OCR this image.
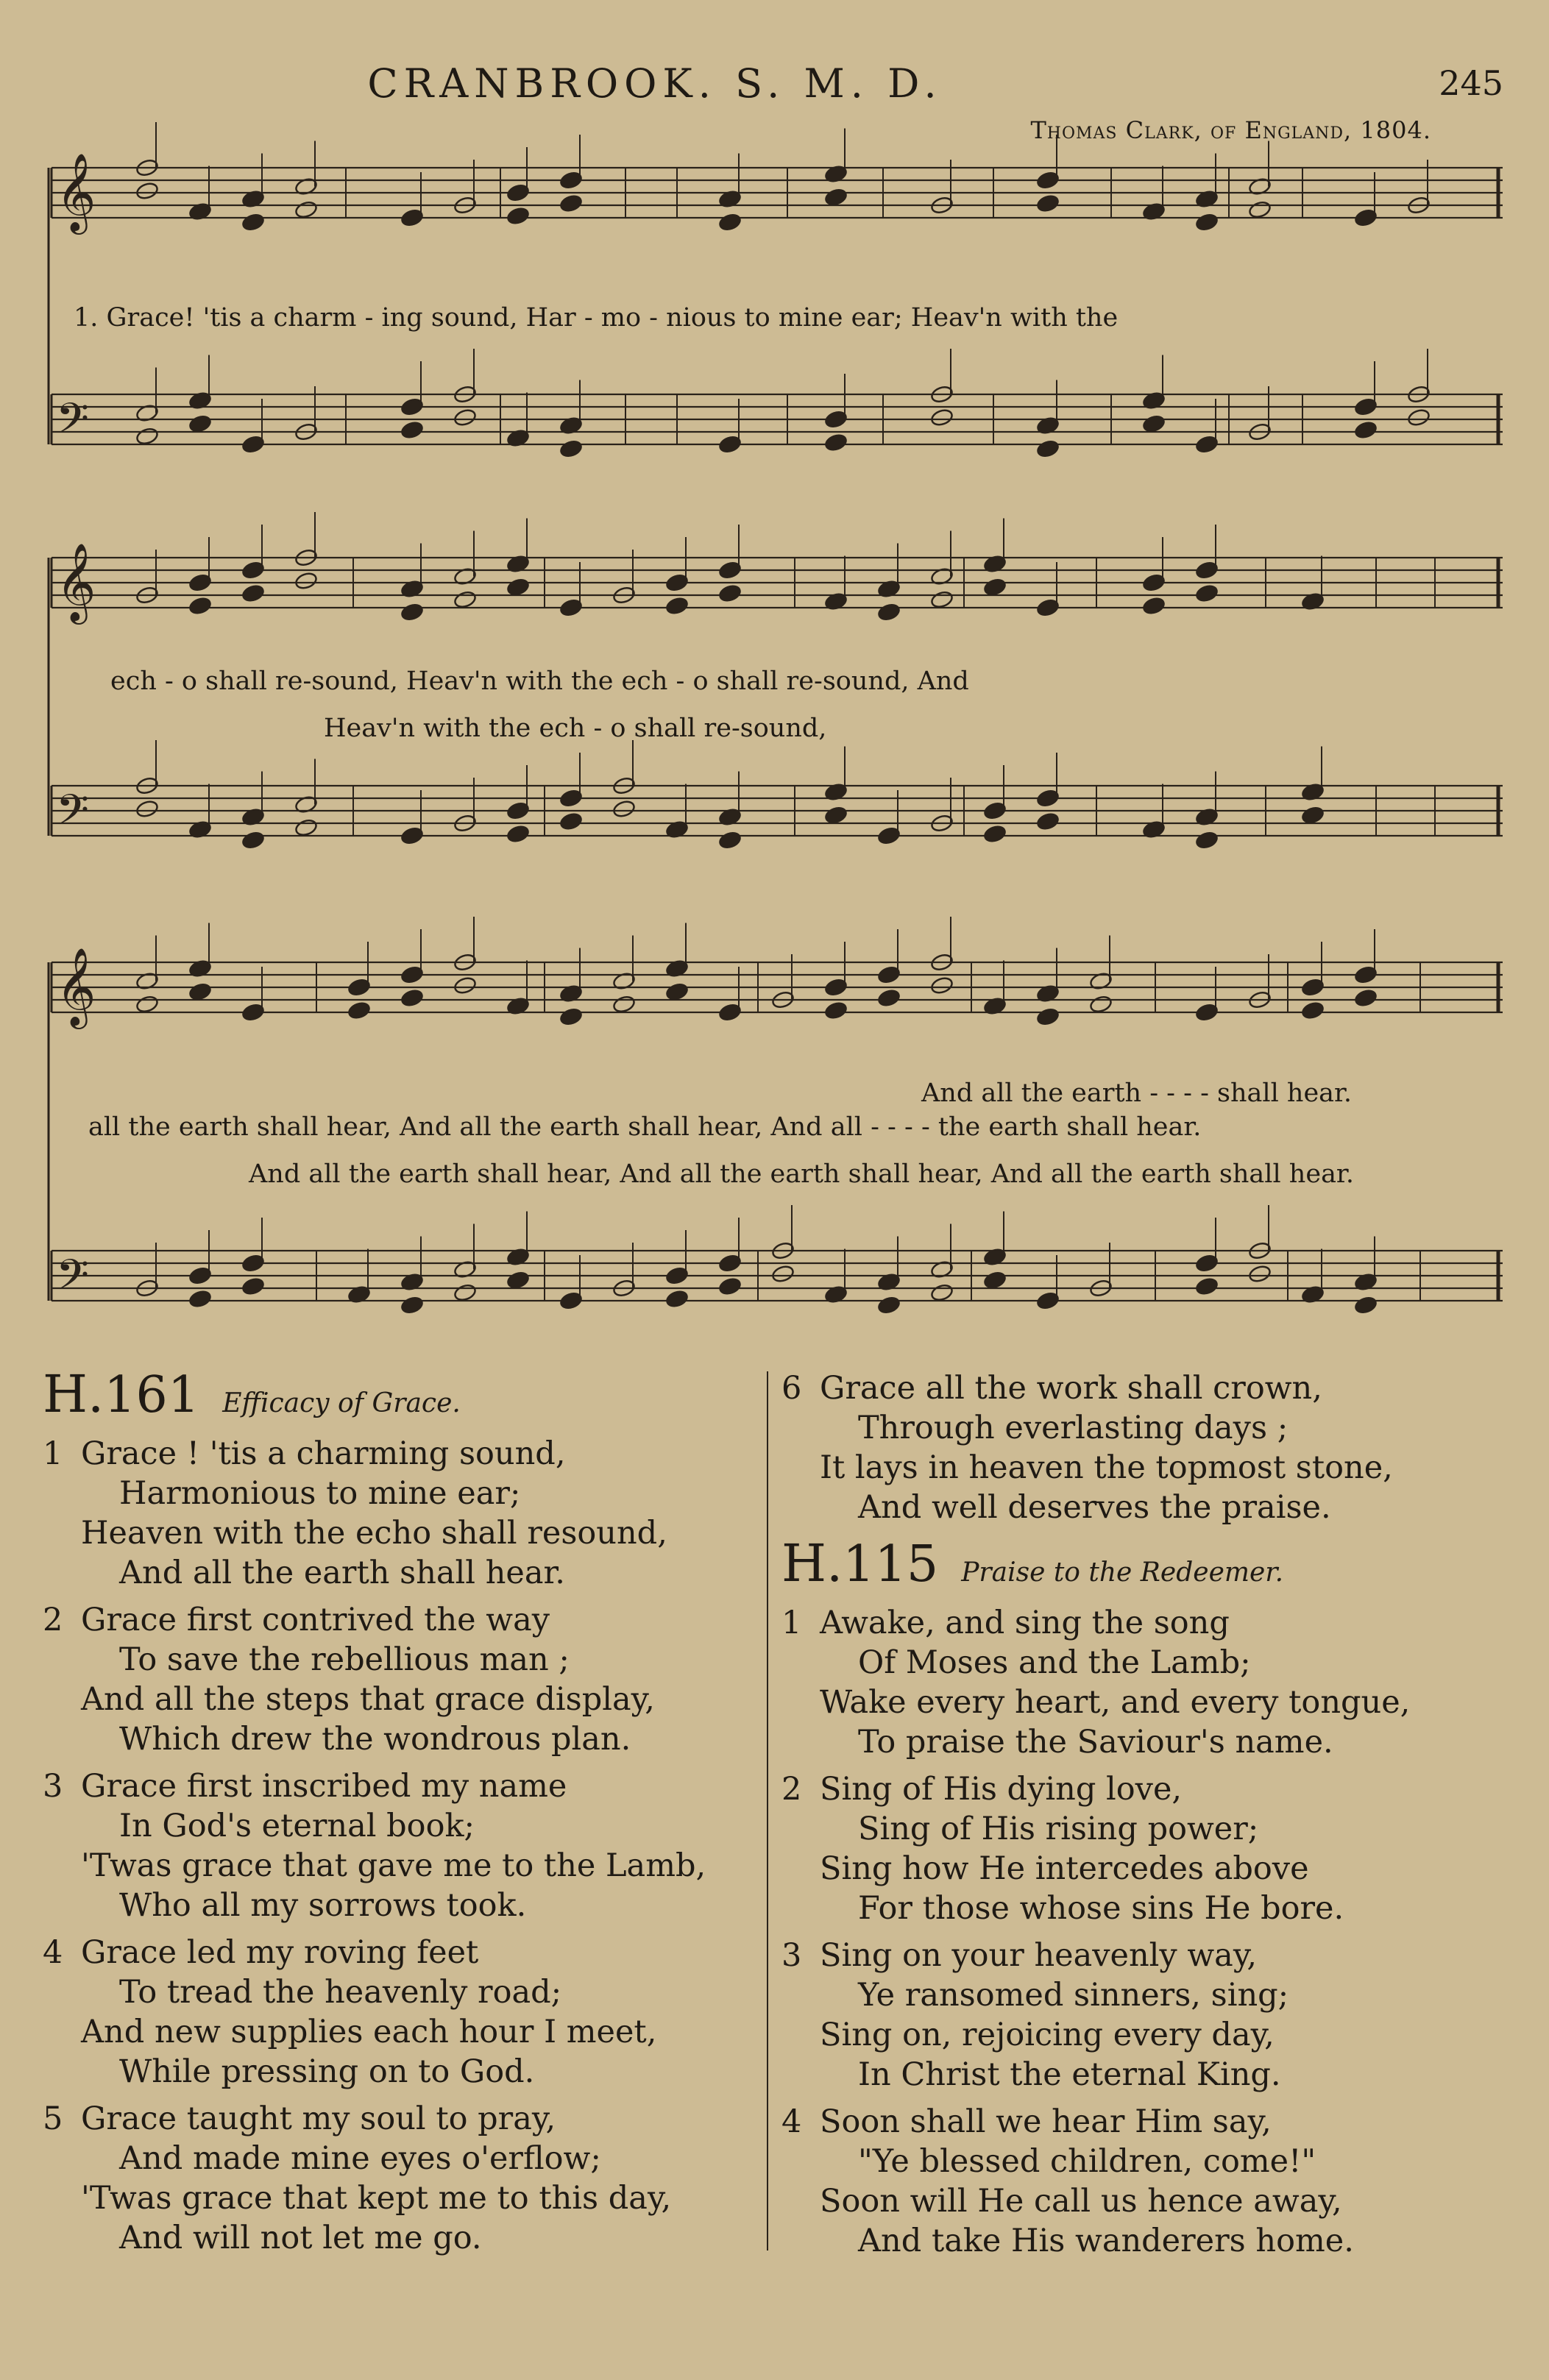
CRANBROOK. S. M. D.	245
Thomas Clark, of England, 1804.
𝄞
𝄢
𝄞
𝄢
𝄞
𝄢
1. Grace! 'tis a charm - ing sound, Har - mo - nious to mine ear; Heav'n with the
ech - o shall re-sound, Heav'n with the ech - o shall re-sound, And
Heav'n with the ech - o shall re-sound,
And all the earth - - - - shall hear.
all the earth shall hear, And all the earth shall hear, And all - - - - the earth shall hear.
And all the earth shall hear, And all the earth shall hear, And all the earth shall hear.
H.161 Efficacy of Grace.
1 Grace ! 'tis a charming sound,
Harmonious to mine ear;
Heaven with the echo shall resound,
And all the earth shall hear.
2 Grace first contrived the way
To save the rebellious man ;
And all the steps that grace display,
Which drew the wondrous plan.
3 Grace first inscribed my name
In God's eternal book;
'Twas grace that gave me to the Lamb,
Who all my sorrows took.
4 Grace led my roving feet
To tread the heavenly road;
And new supplies each hour I meet,
While pressing on to God.
5 Grace taught my soul to pray,
And made mine eyes o'erflow;
'Twas grace that kept me to this day,
And will not let me go.
6 Grace all the work shall crown,
Through everlasting days ;
It lays in heaven the topmost stone,
And well deserves the praise.
H.115 Praise to the Redeemer.
1 Awake, and sing the song
Of Moses and the Lamb;
Wake every heart, and every tongue,
To praise the Saviour's name.
2 Sing of His dying love,
Sing of His rising power;
Sing how He intercedes above
For those whose sins He bore.
3 Sing on your heavenly way,
Ye ransomed sinners, sing;
Sing on, rejoicing every day,
In Christ the eternal King.
4 Soon shall we hear Him say,
"Ye blessed children, come!"
Soon will He call us hence away,
And take His wanderers home.
